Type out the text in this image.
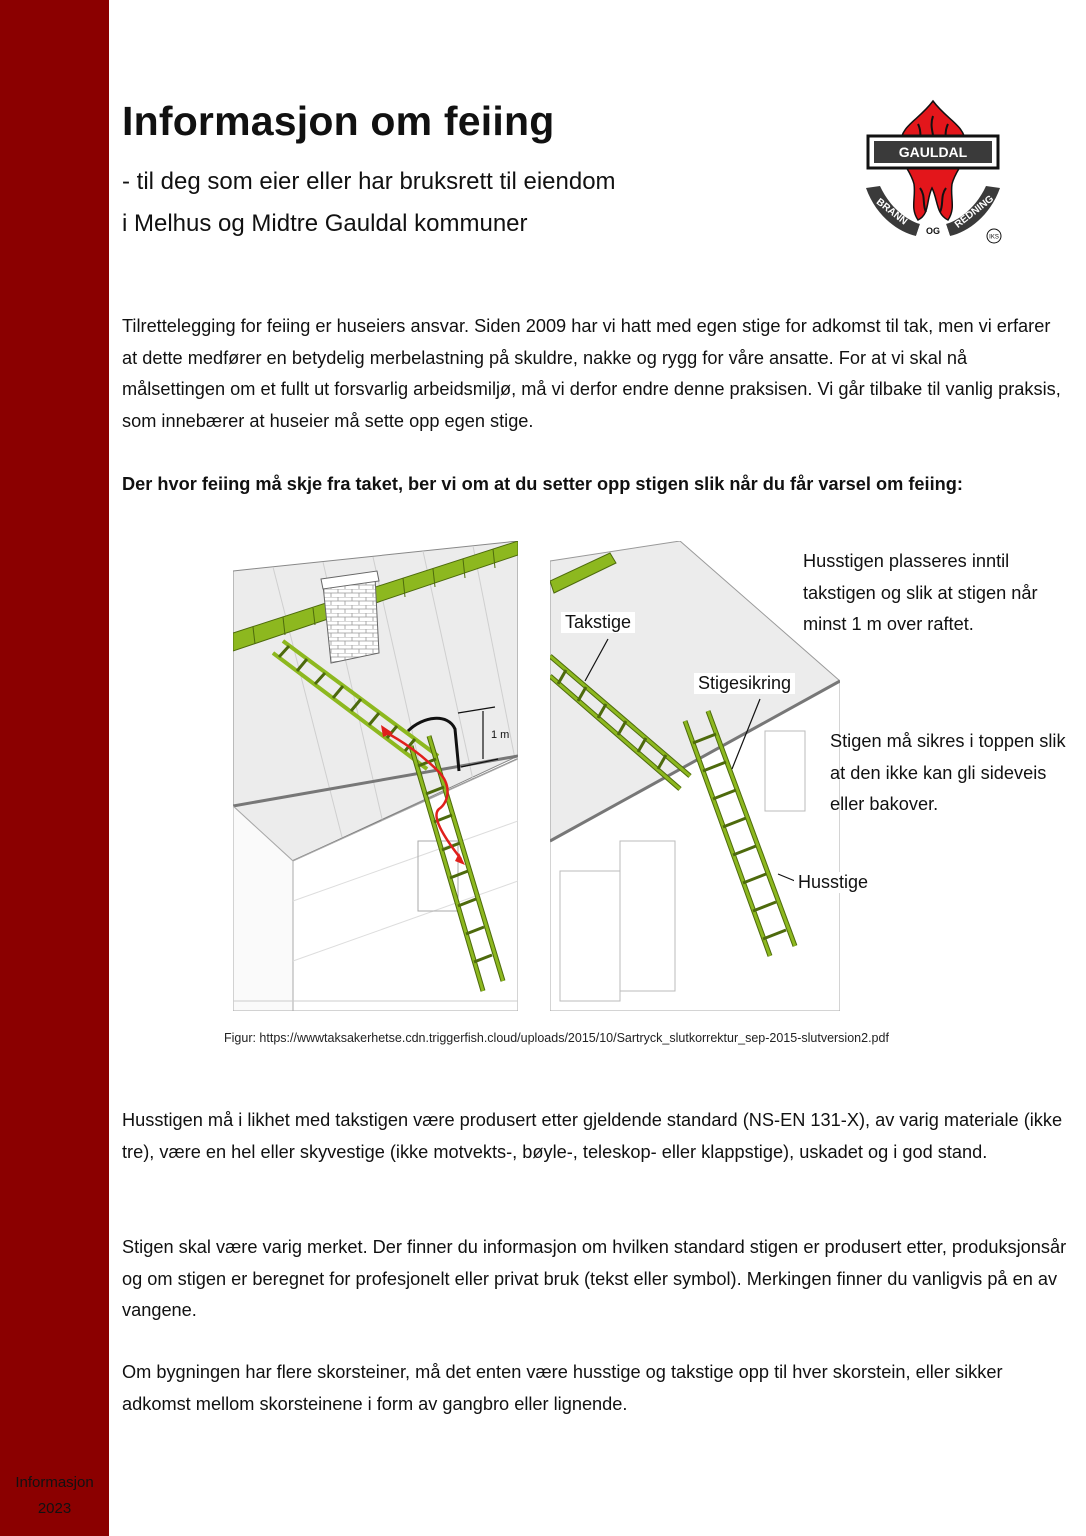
Informasjon
2023
Informasjon om feiing
- til deg som eier eller har bruksrett til eiendom
i Melhus og Midtre Gauldal kommuner
GAULDAL
BRANN
OG
REDNING
IKS

Tilrettelegging for feiing er huseiers ansvar. Siden 2009 har vi hatt med egen stige for adkomst til tak, men vi erfarer at dette medfører en betydelig merbelastning på skuldre, nakke og rygg for våre ansatte. For at vi skal nå målsettingen om et fullt ut forsvarlig arbeidsmiljø, må vi derfor endre denne praksisen. Vi går tilbake til vanlig praksis, som innebærer at huseier må sette opp egen stige.

Der hvor feiing må skje fra taket, ber vi om at du setter opp stigen slik når du får varsel om feiing:

1 m
Takstige
Stigesikring
Husstige

Husstigen plasseres inntil takstigen og slik at stigen når minst 1 m over raftet.

Stigen må sikres i toppen slik at den ikke kan gli sideveis eller bakover.

Figur: https://wwwtaksakerhetse.cdn.triggerfish.cloud/uploads/2015/10/Sartryck_slutkorrektur_sep-2015-slutversion2.pdf

Husstigen må i likhet med takstigen være produsert etter gjeldende standard (NS-EN 131-X), av varig materiale (ikke tre), være en hel eller skyvestige (ikke motvekts-, bøyle-, teleskop- eller klappstige), uskadet og i god stand.

Stigen skal være varig merket. Der finner du informasjon om hvilken standard stigen er produsert etter, produksjonsår og om stigen er beregnet for profesjonelt eller privat bruk (tekst eller symbol). Merkingen finner du vanligvis på en av vangene.

Om bygningen har flere skorsteiner, må det enten være husstige og takstige opp til hver skorstein, eller sikker adkomst mellom skorsteinene i form av gangbro eller lignende.
